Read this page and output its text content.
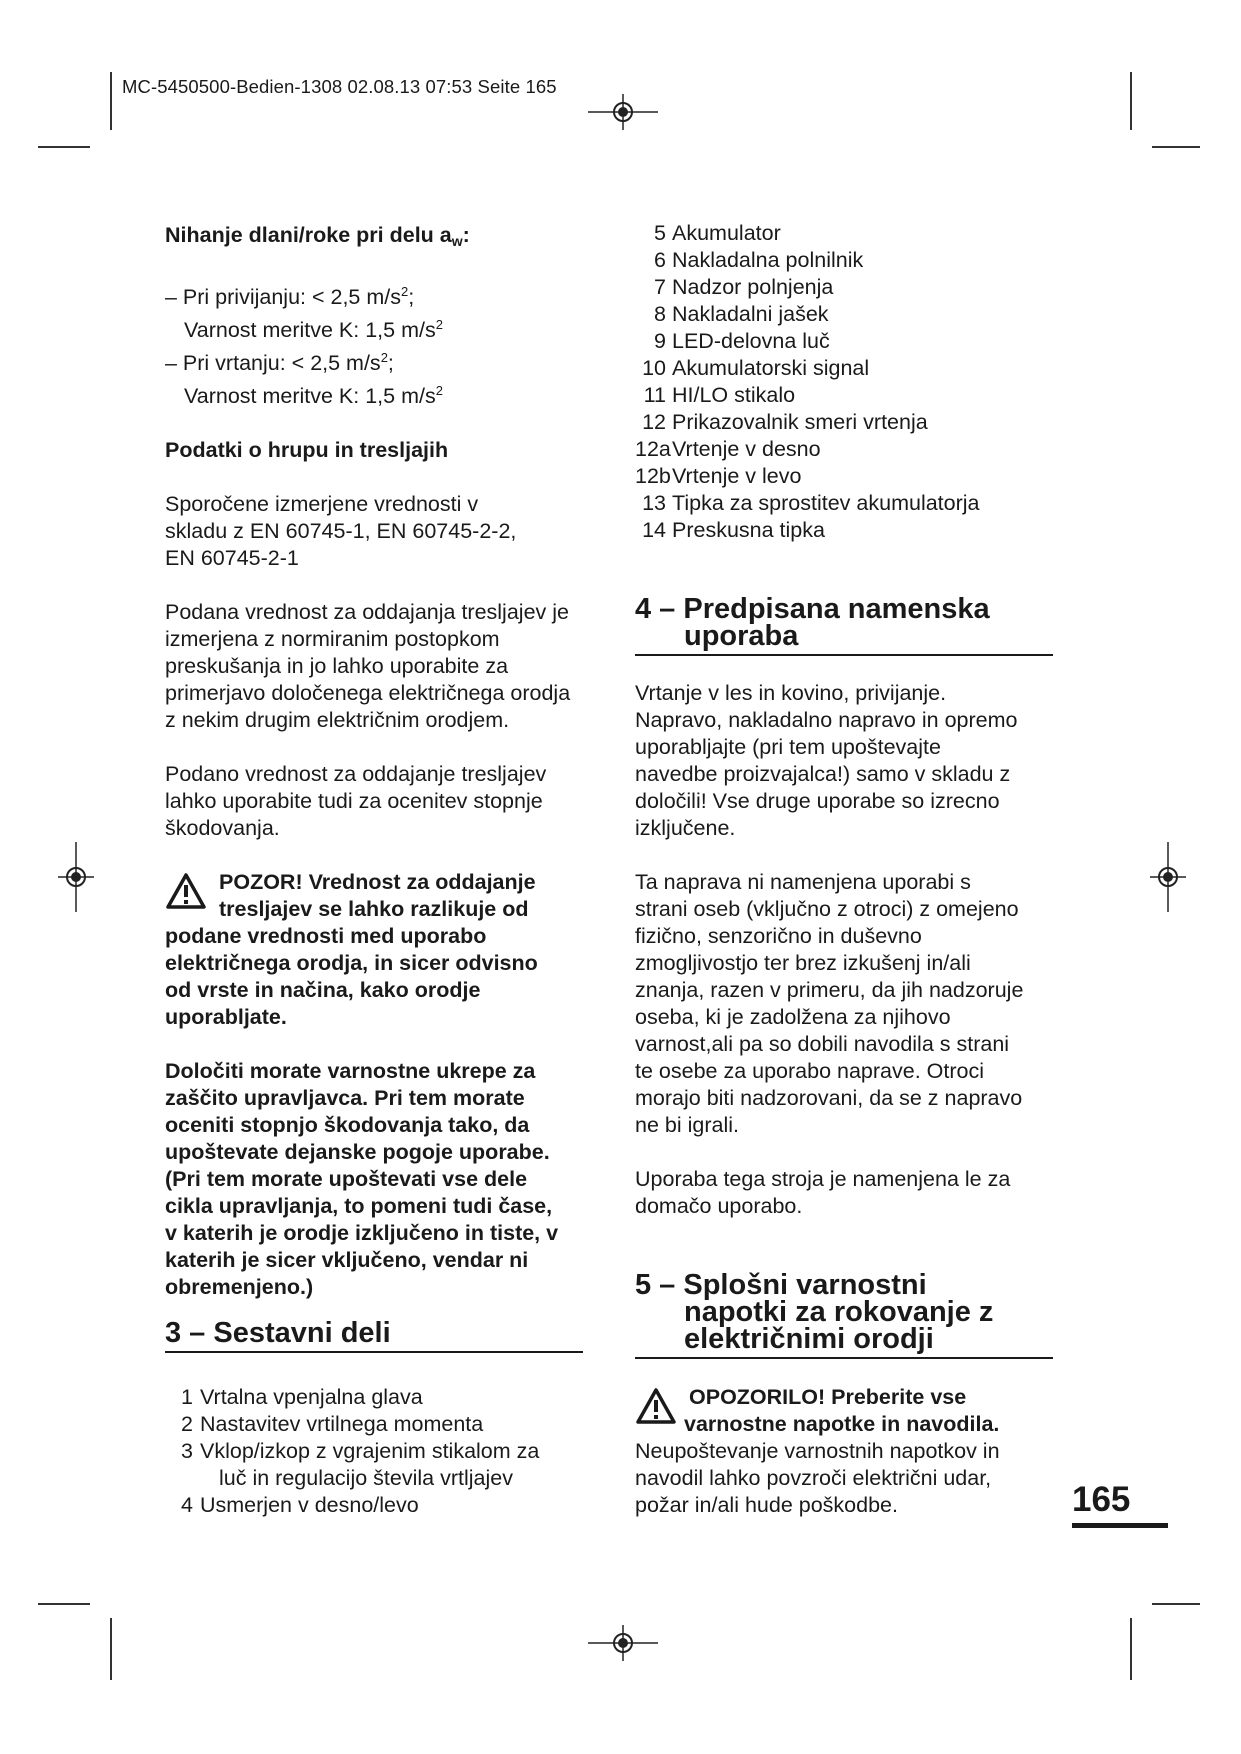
MC-5450500-Bedien-1308 02.08.13 07:53 Seite 165

Nihanje dlani/roke pri delu $a_w$:

– Pri privijanju: < 2,5 $m/s^2$;

Varnost meritve K: 1,5 $m/s^2$

– Pri vrtanju: < 2,5 $m/s^2$;

Varnost meritve K: 1,5 $m/s^2$

Podatki o hrupu in tresljajih

Sporočene izmerjene vrednosti v

skladu z EN 60745-1, EN 60745-2-2,

EN 60745-2-1

Podana vrednost za oddajanja tresljajev je

izmerjena z normiranim postopkom

preskušanja in jo lahko uporabite za

primerjavo določenega električnega orodja

z nekim drugim električnim orodjem.

Podano vrednost za oddajanje tresljajev

lahko uporabite tudi za ocenitev stopnje

škodovanja.

POZOR! Vrednost za oddajanje

tresljajev se lahko razlikuje od

podane vrednosti med uporabo

električnega orodja, in sicer odvisno

od vrste in načina, kako orodje

uporabljate.

Določiti morate varnostne ukrepe za

zaščito upravljavca. Pri tem morate

oceniti stopnjo škodovanja tako, da

upoštevate dejanske pogoje uporabe.

(Pri tem morate upoštevati vse dele

cikla upravljanja, to pomeni tudi čase,

v katerih je orodje izključeno in tiste, v

katerih je sicer vključeno, vendar ni

obremenjeno.)

3 – Sestavni deli

1 Vrtalna vpenjalna glava
2 Nastavitev vrtilnega momenta
3 Vklop/izkop z vgrajenim stikalom za
luč in regulacijo števila vrtljajev
4 Usmerjen v desno/levo
5 Akumulator
6 Nakladalna polnilnik
7 Nadzor polnjenja
8 Nakladalni jašek
9 LED-delovna luč
10 Akumulatorski signal
11 HI/LO stikalo
12 Prikazovalnik smeri vrtenja
12a Vrtenje v desno
12b Vrtenje v levo
13 Tipka za sprostitev akumulatorja
14 Preskusna tipka

4 – Predpisana namenska

uporaba

Vrtanje v les in kovino, privijanje.

Napravo, nakladalno napravo in opremo

uporabljajte (pri tem upoštevajte

navedbe proizvajalca!) samo v skladu z

določili! Vse druge uporabe so izrecno

izključene.

Ta naprava ni namenjena uporabi s

strani oseb (vključno z otroci) z omejeno

fizično, senzorično in duševno

zmogljivostjo ter brez izkušenj in/ali

znanja, razen v primeru, da jih nadzoruje

oseba, ki je zadolžena za njihovo

varnost,ali pa so dobili navodila s strani

te osebe za uporabo naprave. Otroci

morajo biti nadzorovani, da se z napravo

ne bi igrali.

Uporaba tega stroja je namenjena le za

domačo uporabo.

5 – Splošni varnostni

napotki za rokovanje z

električnimi orodji

OPOZORILO! Preberite vse

varnostne napotke in navodila.

Neupoštevanje varnostnih napotkov in

navodil lahko povzroči električni udar,

požar in/ali hude poškodbe.	165
